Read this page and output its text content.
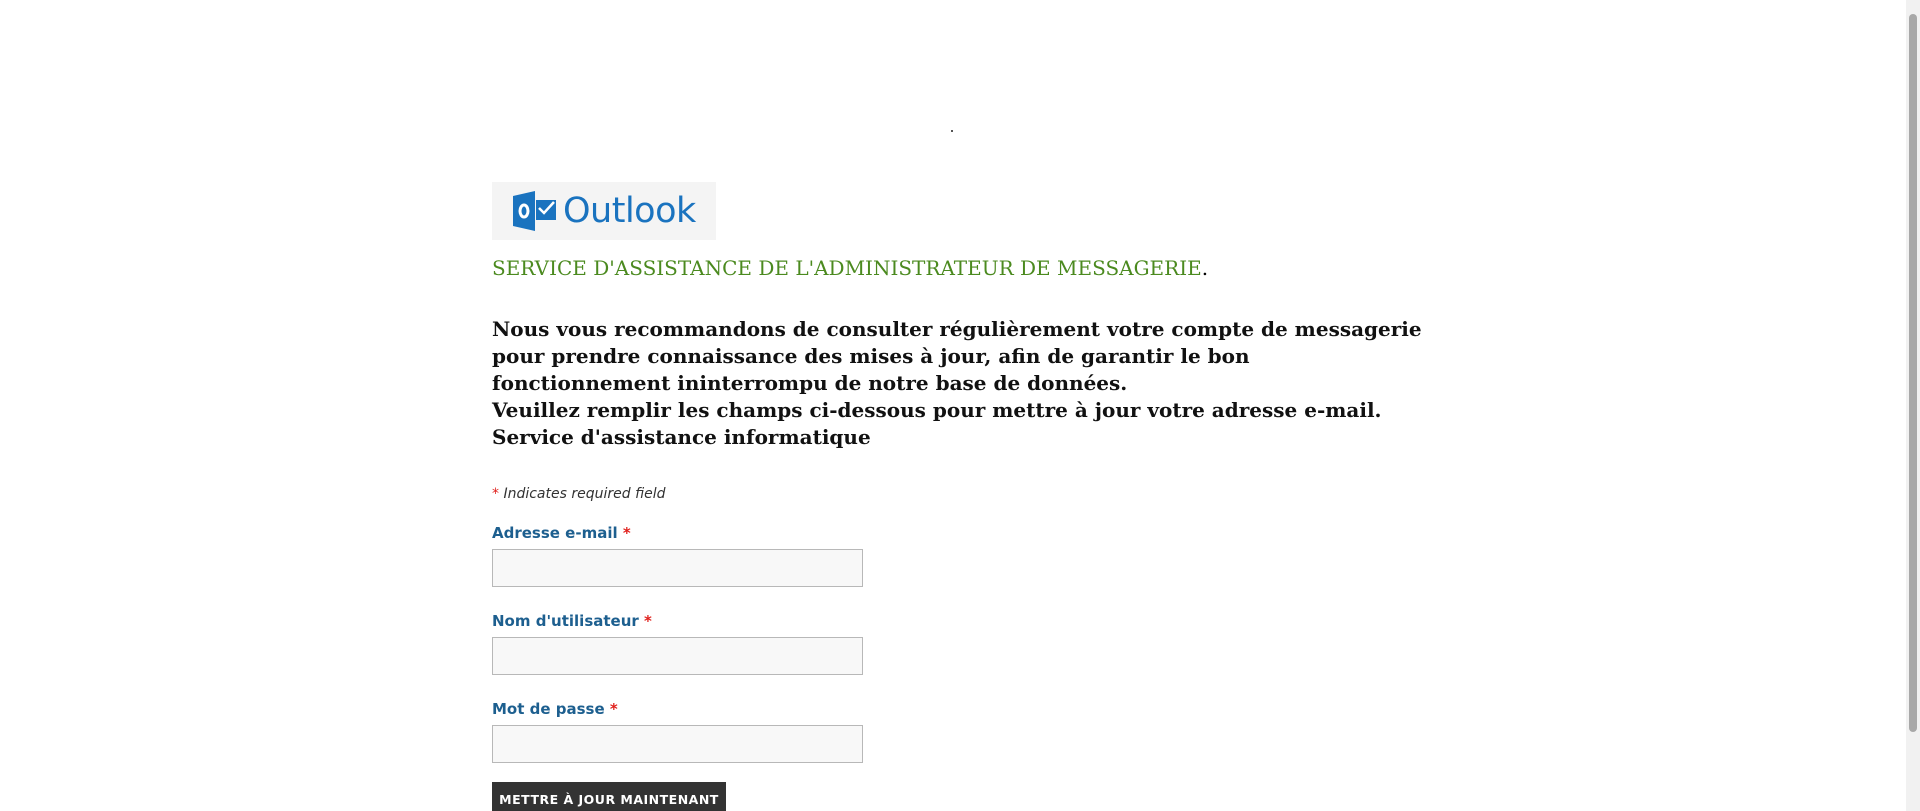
Outlook
SERVICE D'ASSISTANCE DE L'ADMINISTRATEUR DE MESSAGERIE.
Nous vous recommandons de consulter régulièrement votre compte de messagerie
pour prendre connaissance des mises à jour, afin de garantir le bon
fonctionnement ininterrompu de notre base de données.
Veuillez remplir les champs ci-dessous pour mettre à jour votre adresse e-mail.
Service d'assistance informatique
* Indicates required field
Adresse e-mail *
Nom d'utilisateur *
Mot de passe *
METTRE À JOUR MAINTENANT
